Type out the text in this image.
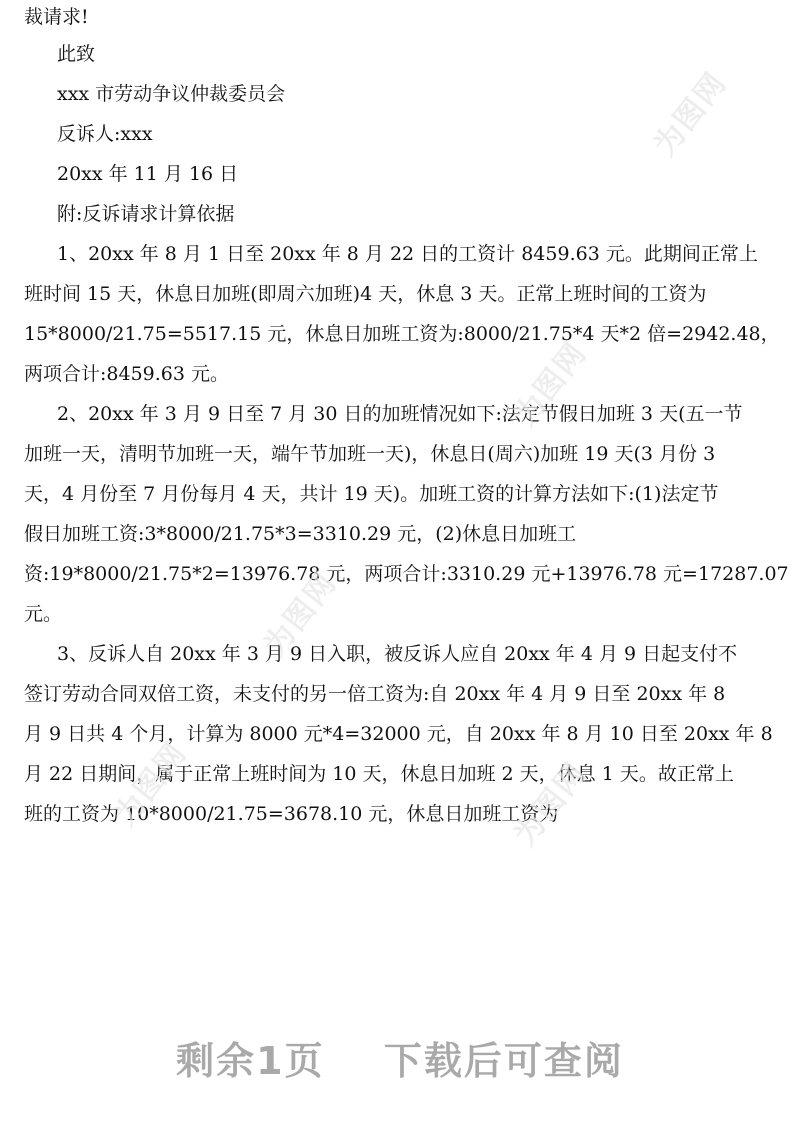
裁请求!

此致

xxx 市劳动争议仲裁委员会

反诉人:xxx

20xx 年 11 月 16 日

附:反诉请求计算依据

1、20xx 年 8 月 1 日至 20xx 年 8 月 22 日的工资计 8459.63 元。此期间正常上

班时间 15 天，休息日加班(即周六加班)4 天，休息 3 天。正常上班时间的工资为

15*8000/21.75=5517.15 元，休息日加班工资为:8000/21.75*4 天*2 倍=2942.48，

两项合计:8459.63 元。

2、20xx 年 3 月 9 日至 7 月 30 日的加班情况如下:法定节假日加班 3 天(五一节

加班一天，清明节加班一天，端午节加班一天)，休息日(周六)加班 19 天(3 月份 3

天，4 月份至 7 月份每月 4 天，共计 19 天)。加班工资的计算方法如下:(1)法定节

假日加班工资:3*8000/21.75*3=3310.29 元，(2)休息日加班工

资:19*8000/21.75*2=13976.78 元，两项合计:3310.29 元+13976.78 元=17287.07

元。

3、反诉人自 20xx 年 3 月 9 日入职，被反诉人应自 20xx 年 4 月 9 日起支付不

签订劳动合同双倍工资，未支付的另一倍工资为:自 20xx 年 4 月 9 日至 20xx 年 8

月 9 日共 4 个月，计算为 8000 元*4=32000 元，自 20xx 年 8 月 10 日至 20xx 年 8

月 22 日期间，属于正常上班时间为 10 天，休息日加班 2 天，休息 1 天。故正常上

班的工资为 10*8000/21.75=3678.10 元，休息日加班工资为

为图网
为图网
为图网	为图网
为图网
剩余1页 下载后可查阅
